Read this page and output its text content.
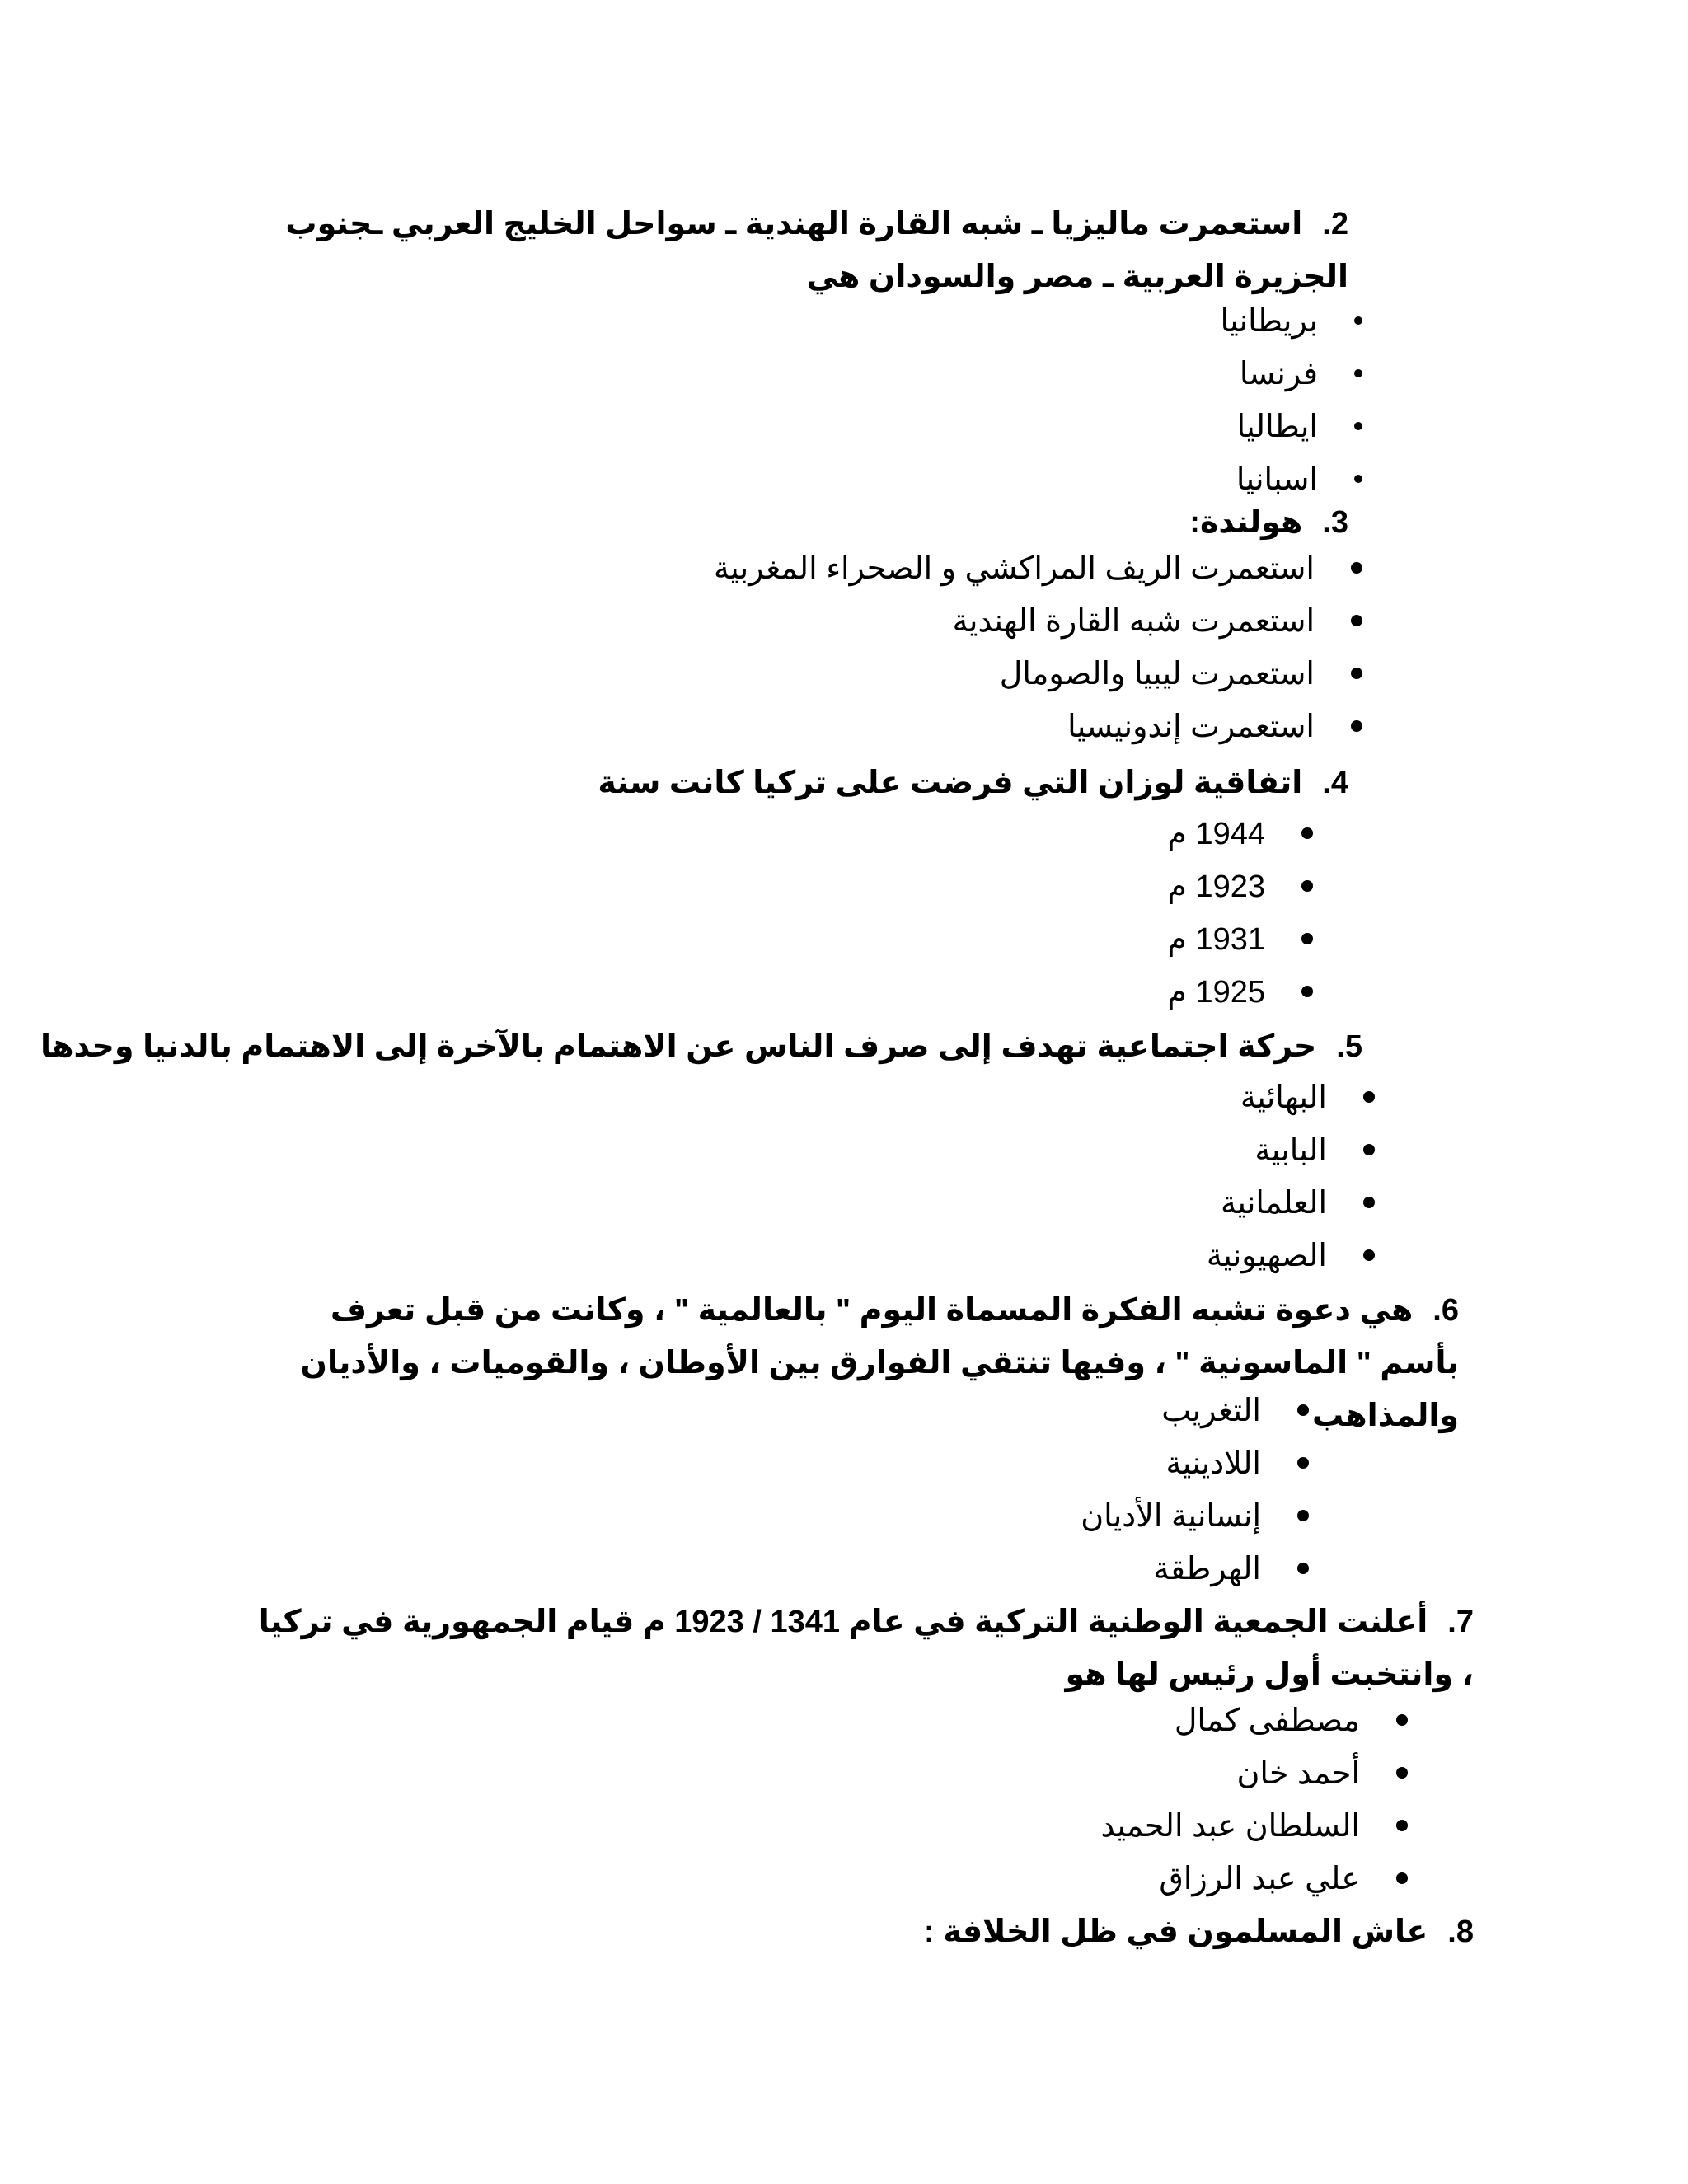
.2استعمرت ماليزيا ـ شبه القارة الهندية ـ سواحل الخليج العربي ـجنوب الجزيرة العربية ـ مصر والسودان هي

بريطانيا
فرنسا
ايطاليا
اسبانيا

.3هولندة:

استعمرت الريف المراكشي و الصحراء المغربية
استعمرت شبه القارة الهندية
استعمرت ليبيا والصومال
استعمرت إندونيسيا

.4اتفاقية لوزان التي فرضت على تركيا كانت سنة

1944 م
1923 م
1931 م
1925 م

.5حركة اجتماعية تهدف إلى صرف الناس عن الاهتمام بالآخرة إلى الاهتمام بالدنيا وحدها

البهائية
البابية
العلمانية
الصهيونية

.6هي دعوة تشبه الفكرة المسماة اليوم " بالعالمية " ، وكانت من قبل تعرف بأسم " الماسونية " ، وفيها تنتقي الفوارق بين الأوطان ، والقوميات ، والأديان والمذاهب

التغريب
اللادينية
إنسانية الأديان
الهرطقة

.7أعلنت الجمعية الوطنية التركية في عام 1341 / 1923 م قيام الجمهورية في تركيا ، وانتخبت أول رئيس لها هو

مصطفى كمال
أحمد خان
السلطان عبد الحميد
علي عبد الرزاق

.8عاش المسلمون في ظل الخلافة :
